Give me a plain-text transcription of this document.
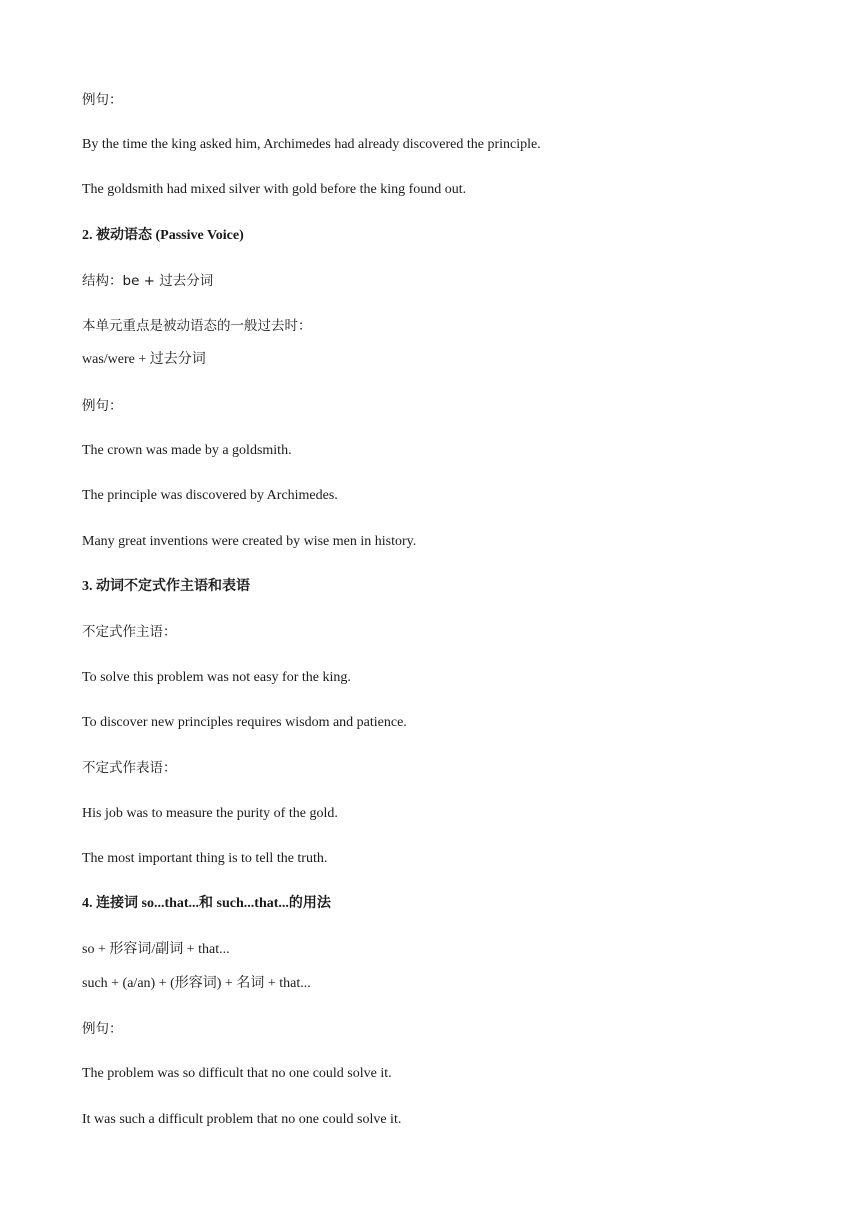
例句：
By the time the king asked him, Archimedes had already discovered the principle.
The goldsmith had mixed silver with gold before the king found out.
2. 被动语态 (Passive Voice)
结构：be + 过去分词
本单元重点是被动语态的一般过去时：
was/were + 过去分词
例句：
The crown was made by a goldsmith.
The principle was discovered by Archimedes.
Many great inventions were created by wise men in history.
3. 动词不定式作主语和表语
不定式作主语：
To solve this problem was not easy for the king.
To discover new principles requires wisdom and patience.
不定式作表语：
His job was to measure the purity of the gold.
The most important thing is to tell the truth.
4. 连接词 so...that...和 such...that...的用法
so + 形容词/副词 + that...
such + (a/an) + (形容词) + 名词 + that...
例句：
The problem was so difficult that no one could solve it.
It was such a difficult problem that no one could solve it.
